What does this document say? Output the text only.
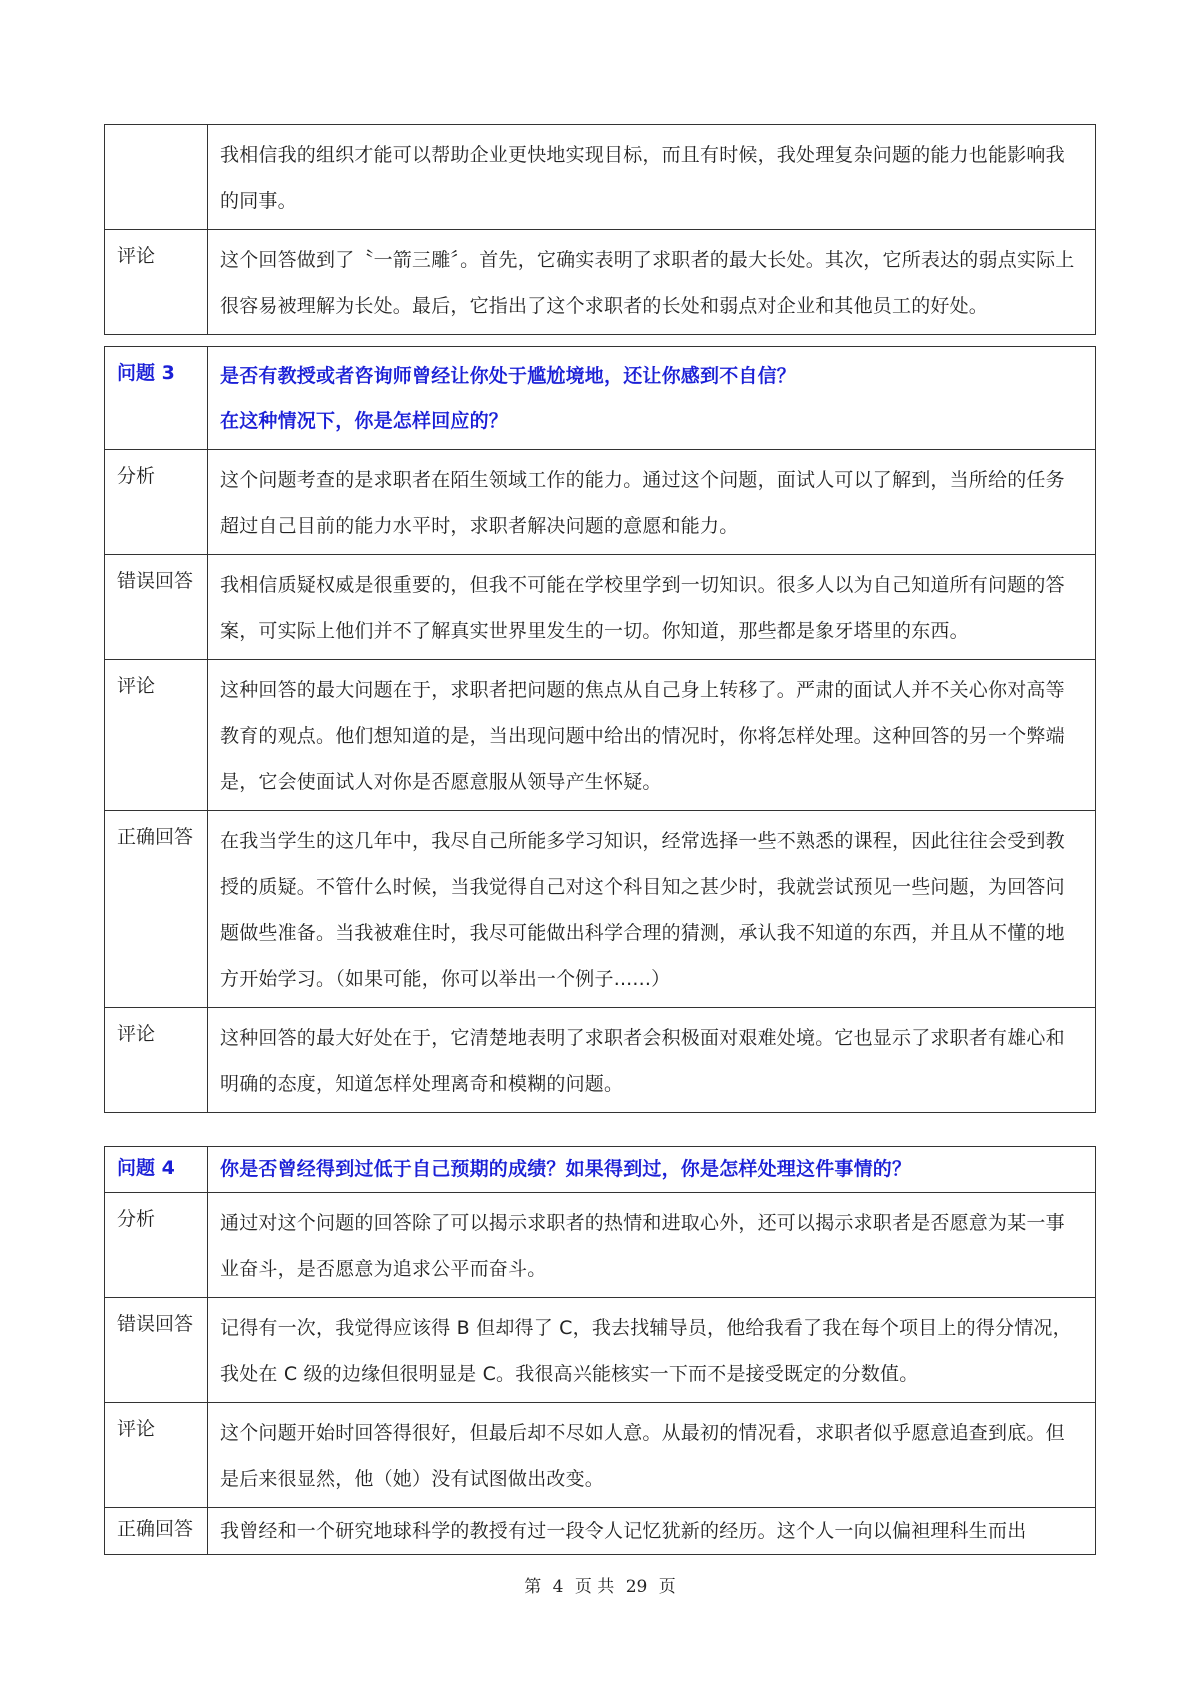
	我相信我的组织才能可以帮助企业更快地实现目标，而且有时候，我处理复杂问题的能力也能影响我的同事。
评论	这个回答做到了〝一箭三雕〞。首先，它确实表明了求职者的最大长处。其次，它所表达的弱点实际上很容易被理解为长处。最后，它指出了这个求职者的长处和弱点对企业和其他员工的好处。
问题 3	是否有教授或者咨询师曾经让你处于尴尬境地，还让你感到不自信？

在这种情况下，你是怎样回应的？

分析	这个问题考查的是求职者在陌生领域工作的能力。通过这个问题，面试人可以了解到，当所给的任务超过自己目前的能力水平时，求职者解决问题的意愿和能力。
错误回答	我相信质疑权威是很重要的，但我不可能在学校里学到一切知识。很多人以为自己知道所有问题的答案，可实际上他们并不了解真实世界里发生的一切。你知道，那些都是象牙塔里的东西。
评论	这种回答的最大问题在于，求职者把问题的焦点从自己身上转移了。严肃的面试人并不关心你对高等教育的观点。他们想知道的是，当出现问题中给出的情况时，你将怎样处理。这种回答的另一个弊端是，它会使面试人对你是否愿意服从领导产生怀疑。
正确回答	在我当学生的这几年中，我尽自己所能多学习知识，经常选择一些不熟悉的课程，因此往往会受到教授的质疑。不管什么时候，当我觉得自己对这个科目知之甚少时，我就尝试预见一些问题，为回答问题做些准备。当我被难住时，我尽可能做出科学合理的猜测，承认我不知道的东西，并且从不懂的地方开始学习。（如果可能，你可以举出一个例子......）
评论	这种回答的最大好处在于，它清楚地表明了求职者会积极面对艰难处境。它也显示了求职者有雄心和明确的态度，知道怎样处理离奇和模糊的问题。
问题 4	你是否曾经得到过低于自己预期的成绩？如果得到过，你是怎样处理这件事情的？

分析	通过对这个问题的回答除了可以揭示求职者的热情和进取心外，还可以揭示求职者是否愿意为某一事业奋斗，是否愿意为追求公平而奋斗。
错误回答	记得有一次，我觉得应该得 B 但却得了 C，我去找辅导员，他给我看了我在每个项目上的得分情况，我处在 C 级的边缘但很明显是 C。我很高兴能核实一下而不是接受既定的分数值。
评论	这个问题开始时回答得很好，但最后却不尽如人意。从最初的情况看，求职者似乎愿意追查到底。但是后来很显然，他（她）没有试图做出改变。
正确回答	我曾经和一个研究地球科学的教授有过一段令人记忆犹新的经历。这个人一向以偏袒理科生而出
第 4 页 共 29 页
